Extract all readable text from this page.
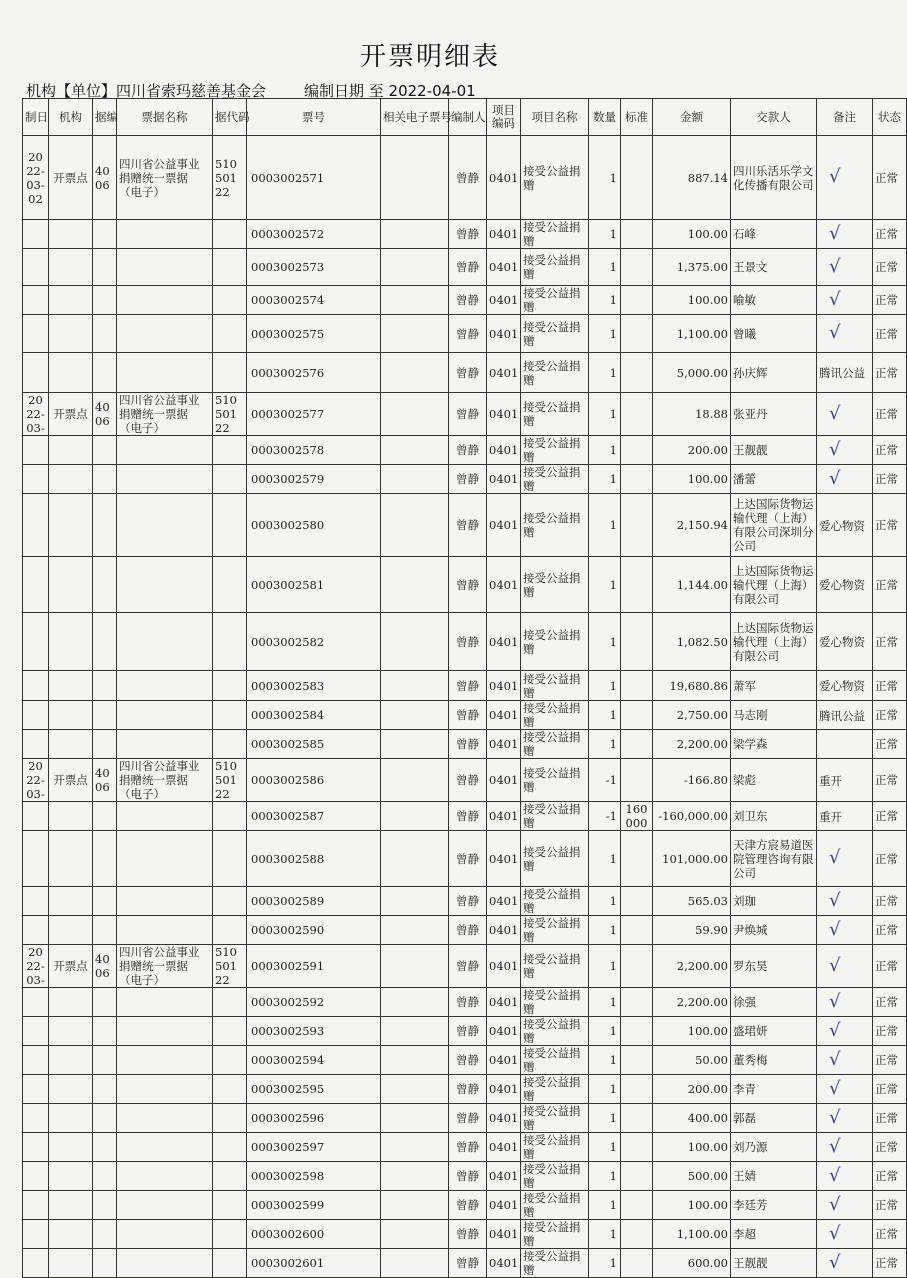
开票明细表
机构【单位】四川省索玛慈善基金会	编制日期 至 2022-04-01
制日	机构	据编	票据名称	据代码	票号	相关电子票号	编制人	项目编码	项目名称	数量	标准	金额	交款人	备注	状态
2022-03-02	开票点	4006	四川省公益事业捐赠统一票据（电子）	51050122	0003002571		曾静	0401	接受公益捐赠	1		887.14	四川乐活乐学文化传播有限公司	√	正常
					0003002572		曾静	0401	接受公益捐赠	1		100.00	石峰	√	正常
					0003002573		曾静	0401	接受公益捐赠	1		1,375.00	王景文	√	正常
					0003002574		曾静	0401	接受公益捐赠	1		100.00	喻敏	√	正常
					0003002575		曾静	0401	接受公益捐赠	1		1,100.00	曾曦	√	正常
					0003002576		曾静	0401	接受公益捐赠	1		5,000.00	孙庆辉	腾讯公益	正常
2022-03-	开票点	4006	四川省公益事业捐赠统一票据（电子）	51050122	0003002577		曾静	0401	接受公益捐赠	1		18.88	张亚丹	√	正常
					0003002578		曾静	0401	接受公益捐赠	1		200.00	王靓靓	√	正常
					0003002579		曾静	0401	接受公益捐赠	1		100.00	潘蕾	√	正常
					0003002580		曾静	0401	接受公益捐赠	1		2,150.94	上达国际货物运输代理（上海）有限公司深圳分公司	爱心物资	正常
					0003002581		曾静	0401	接受公益捐赠	1		1,144.00	上达国际货物运输代理（上海）有限公司	爱心物资	正常
					0003002582		曾静	0401	接受公益捐赠	1		1,082.50	上达国际货物运输代理（上海）有限公司	爱心物资	正常
					0003002583		曾静	0401	接受公益捐赠	1		19,680.86	萧军	爱心物资	正常
					0003002584		曾静	0401	接受公益捐赠	1		2,750.00	马志刚	腾讯公益	正常
					0003002585		曾静	0401	接受公益捐赠	1		2,200.00	梁学森		正常
2022-03-	开票点	4006	四川省公益事业捐赠统一票据（电子）	51050122	0003002586		曾静	0401	接受公益捐赠	-1		-166.80	梁彪	重开	正常
					0003002587		曾静	0401	接受公益捐赠	-1	160000	-160,000.00	刘卫东	重开	正常
					0003002588		曾静	0401	接受公益捐赠	1		101,000.00	天津方宸易道医院管理咨询有限公司	√	正常
					0003002589		曾静	0401	接受公益捐赠	1		565.03	刘珈	√	正常
					0003002590		曾静	0401	接受公益捐赠	1		59.90	尹焕城	√	正常
2022-03-	开票点	4006	四川省公益事业捐赠统一票据（电子）	51050122	0003002591		曾静	0401	接受公益捐赠	1		2,200.00	罗东昊	√	正常
					0003002592		曾静	0401	接受公益捐赠	1		2,200.00	徐强	√	正常
					0003002593		曾静	0401	接受公益捐赠	1		100.00	盛珺妍	√	正常
					0003002594		曾静	0401	接受公益捐赠	1		50.00	董秀梅	√	正常
					0003002595		曾静	0401	接受公益捐赠	1		200.00	李青	√	正常
					0003002596		曾静	0401	接受公益捐赠	1		400.00	郭磊	√	正常
					0003002597		曾静	0401	接受公益捐赠	1		100.00	刘乃源	√	正常
					0003002598		曾静	0401	接受公益捐赠	1		500.00	王婧	√	正常
					0003002599		曾静	0401	接受公益捐赠	1		100.00	李廷芳	√	正常
					0003002600		曾静	0401	接受公益捐赠	1		1,100.00	李超	√	正常
					0003002601		曾静	0401	接受公益捐赠	1		600.00	王靓靓	√	正常
